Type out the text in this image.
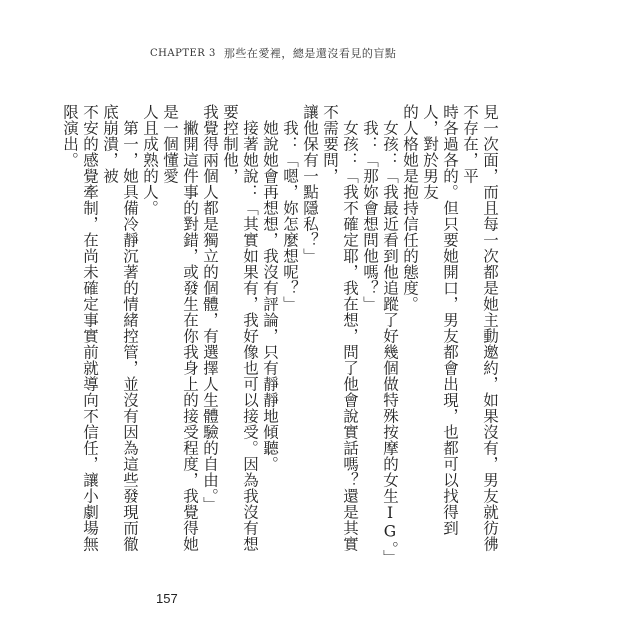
CHAPTER 3 那些在愛裡，總是還沒看見的盲點

見一次面，而且每一次都是她主動邀約，如果沒有，男友就彷彿不存在，平

時各過各的。但只要她開口，男友都會出現，也都可以找得到人，對於男友

的人格她是抱持信任的態度。

　女孩：「我最近看到他追蹤了好幾個做特殊按摩的女生IG。」

　我：「那妳會想問他嗎？」

　女孩：「我不確定耶，我在想，問了他會說實話嗎？還是其實不需要問，

讓他保有一點隱私？」

　我：「嗯，妳怎麼想呢？」

　她說她會再想想，我沒有評論，只有靜靜地傾聽。

　接著她說：「其實如果有，我好像也可以接受。因為我沒有想要控制他，

我覺得兩個人都是獨立的個體，有選擇人生體驗的自由。」

　撇開這件事的對錯，或發生在你我身上的接受程度，我覺得她是一個懂愛

人且成熟的人。

　第一，她具備冷靜沉著的情緒控管，並沒有因為這些發現而徹底崩潰，被

不安的感覺牽制，在尚未確定事實前就導向不信任，讓小劇場無限演出。

157
